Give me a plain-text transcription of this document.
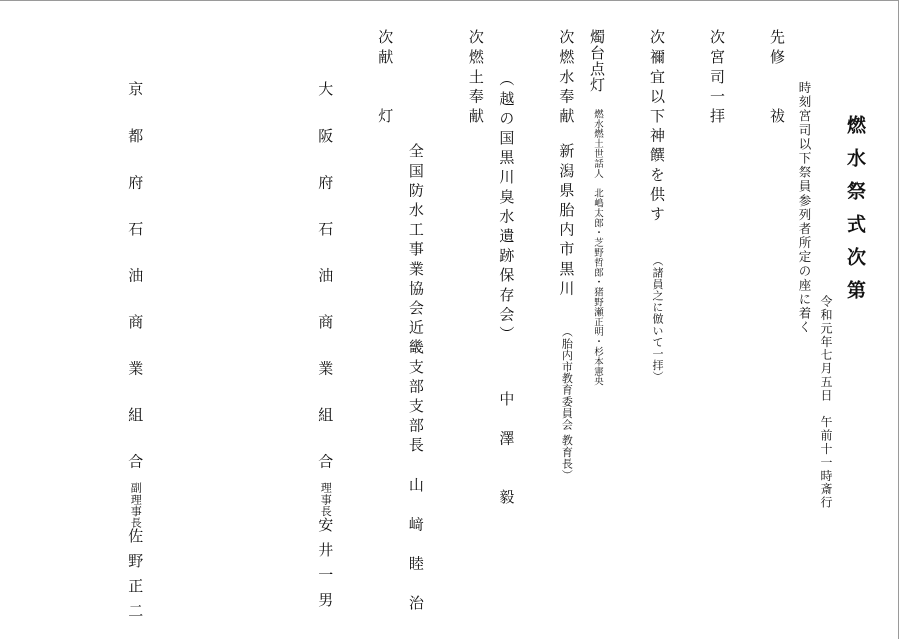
燃水祭式次第
令和元年七月五日　午前十一時斎行
時刻宮司以下祭員参列者所定の座に着く
先
修　　祓
次
宮司一拝
次
禰宜以下神饌を供す
（諸員之に倣いて一拝）
燭台点灯
燃水燃土世話人　北嶋太郎・芝野哲郎・猪野瀬正明・杉本憲央
次
燃水奉献
新潟県胎内市黒川
（胎内市教育委員会 教育長）
（越の国黒川臭水遺跡保存会）
中　澤　　毅
次
燃土奉献
全国防水工事業協会近畿支部支部長
山　﨑　睦　治
次
献　　灯
大 阪 府 石 油 商 業 組 合
理事長
安井一男
京 都 府 石 油 商 業 組 合
副理事長
佐野正二
